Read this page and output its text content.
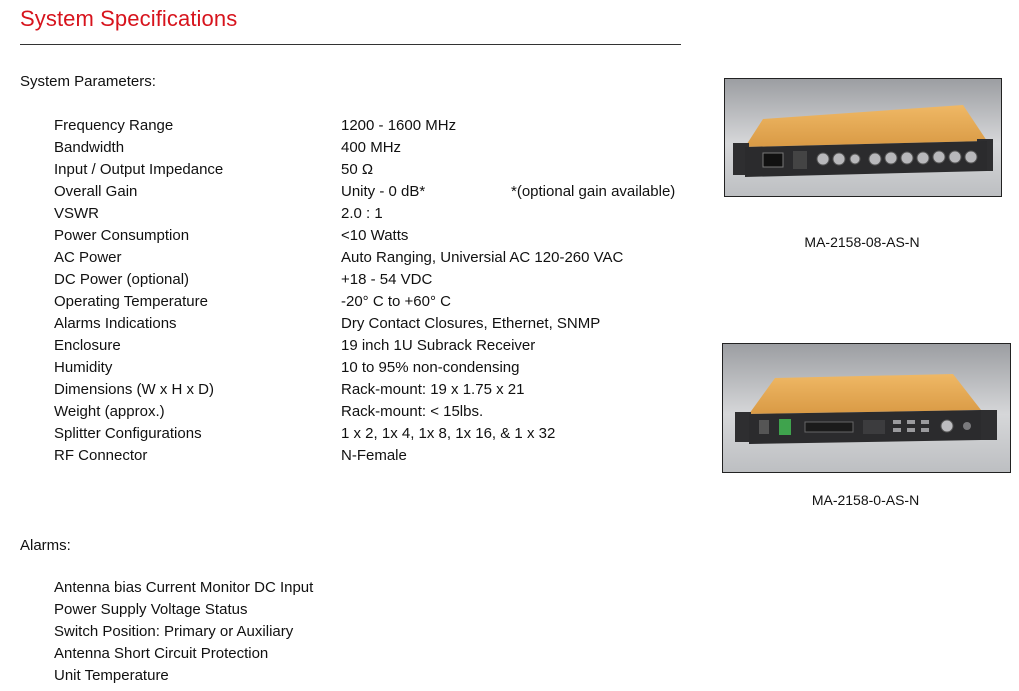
System Specifications
System Parameters:
Frequency Range	1200 - 1600 MHz
Bandwidth	400 MHz
Input / Output Impedance	50 Ω
Overall Gain	Unity - 0 dB*	*(optional gain available)
VSWR	2.0 : 1
Power Consumption	<10 Watts
AC Power	Auto Ranging, Universial AC 120-260 VAC
DC Power (optional)	+18 - 54 VDC
Operating Temperature	-20° C to +60° C
Alarms Indications	Dry Contact Closures, Ethernet, SNMP
Enclosure	19 inch 1U Subrack Receiver
Humidity	10 to 95% non-condensing
Dimensions (W x H x D)	Rack-mount: 19 x 1.75 x 21
Weight (approx.)	Rack-mount: < 15lbs.
Splitter Configurations	1 x 2, 1x 4, 1x 8, 1x 16, & 1 x 32
RF Connector	N-Female
Alarms:
Antenna bias Current Monitor DC Input
Power Supply Voltage Status
Switch Position: Primary or Auxiliary
Antenna Short Circuit Protection
Unit Temperature
MA-2158-08-AS-N
MA-2158-0-AS-N
